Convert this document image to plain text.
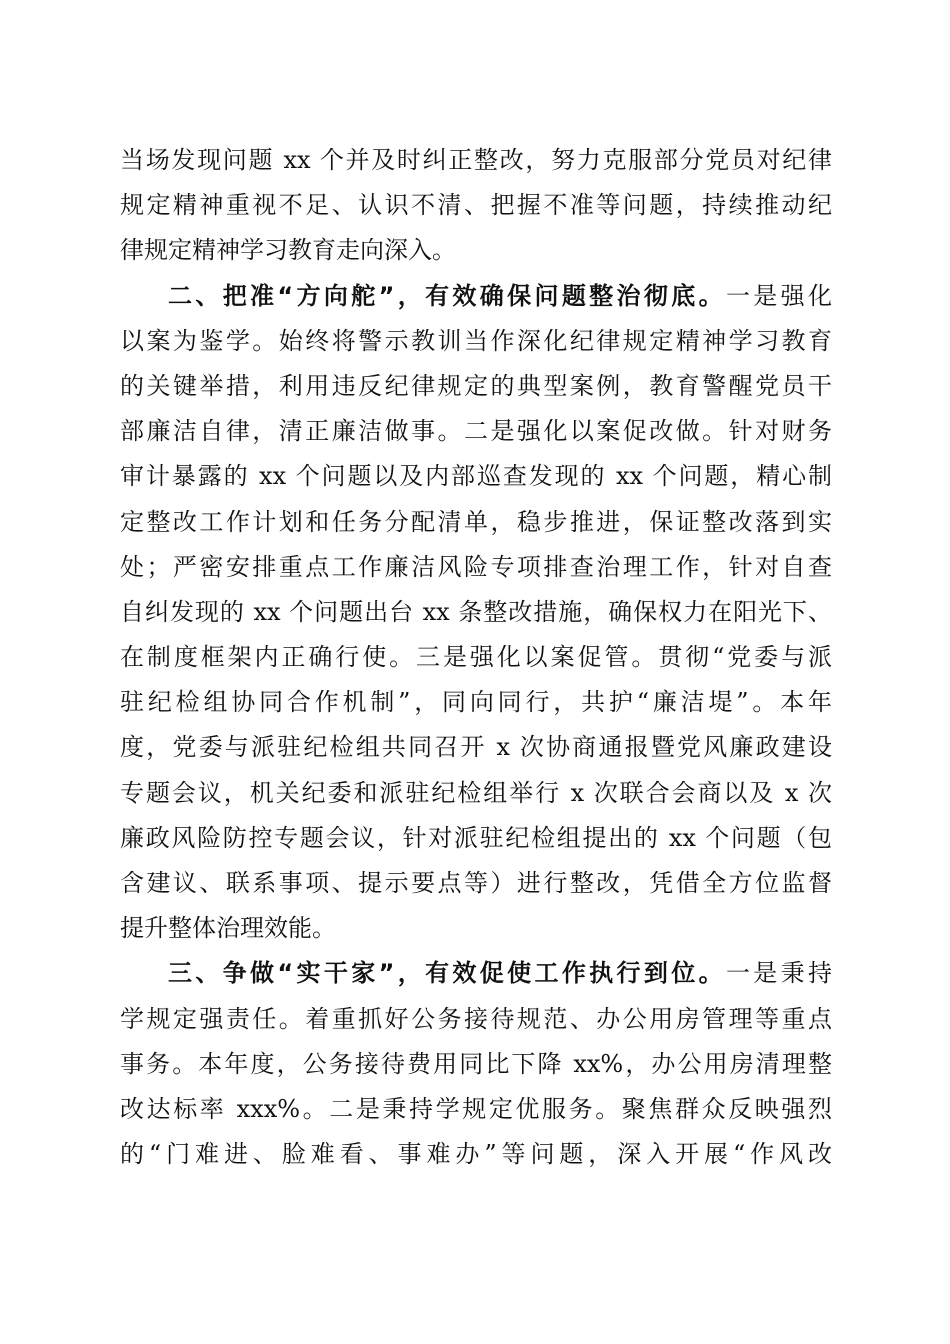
当场发现问题 xx 个并及时纠正整改，努力克服部分党员对纪律
规定精神重视不足、认识不清、把握不准等问题，持续推动纪
律规定精神学习教育走向深入。
二、把准“方向舵”，有效确保问题整治彻底。一是强化
以案为鉴学。始终将警示教训当作深化纪律规定精神学习教育
的关键举措，利用违反纪律规定的典型案例，教育警醒党员干
部廉洁自律，清正廉洁做事。二是强化以案促改做。针对财务
审计暴露的 xx 个问题以及内部巡查发现的 xx 个问题，精心制
定整改工作计划和任务分配清单，稳步推进，保证整改落到实
处；严密安排重点工作廉洁风险专项排查治理工作，针对自查
自纠发现的 xx 个问题出台 xx 条整改措施，确保权力在阳光下、
在制度框架内正确行使。三是强化以案促管。贯彻“党委与派
驻纪检组协同合作机制”，同向同行，共护“廉洁堤”。本年
度，党委与派驻纪检组共同召开 x 次协商通报暨党风廉政建设
专题会议，机关纪委和派驻纪检组举行 x 次联合会商以及 x 次
廉政风险防控专题会议，针对派驻纪检组提出的 xx 个问题（包
含建议、联系事项、提示要点等）进行整改，凭借全方位监督
提升整体治理效能。
三、争做“实干家”，有效促使工作执行到位。一是秉持
学规定强责任。着重抓好公务接待规范、办公用房管理等重点
事务。本年度，公务接待费用同比下降 xx%，办公用房清理整
改达标率 xxx%。二是秉持学规定优服务。聚焦群众反映强烈
的“门难进、脸难看、事难办”等问题，深入开展“作风改
